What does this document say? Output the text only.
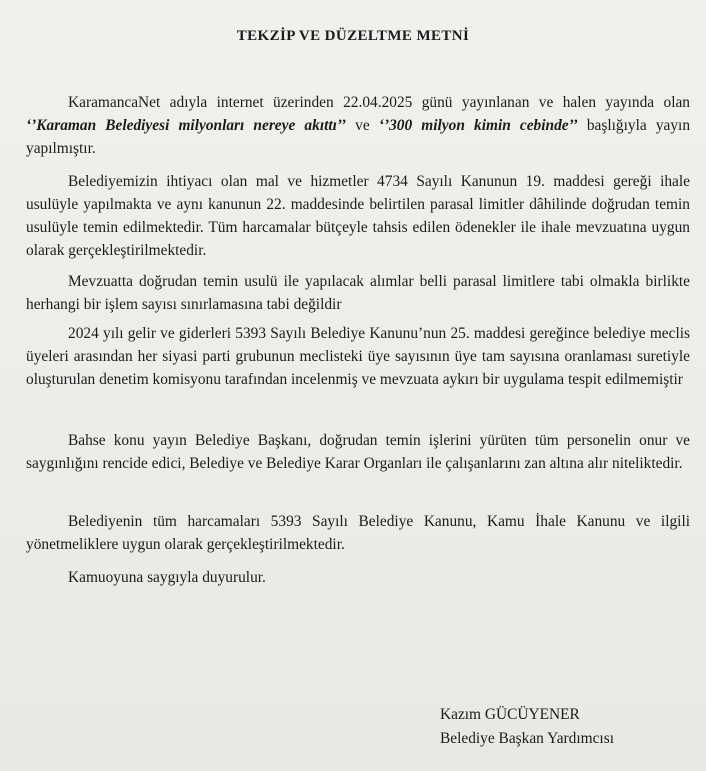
TEKZİP VE DÜZELTME METNİ

KaramancaNet adıyla internet üzerinden 22.04.2025 günü yayınlanan ve halen yayında olan ‘’Karaman Belediyesi milyonları nereye akıttı’’ ve ‘’300 milyon kimin cebinde’’ başlığıyla yayın yapılmıştır.

Belediyemizin ihtiyacı olan mal ve hizmetler 4734 Sayılı Kanunun 19. maddesi gereği ihale usulüyle yapılmakta ve aynı kanunun 22. maddesinde belirtilen parasal limitler dâhilinde doğrudan temin usulüyle temin edilmektedir. Tüm harcamalar bütçeyle tahsis edilen ödenekler ile ihale mevzuatına uygun olarak gerçekleştirilmektedir.

Mevzuatta doğrudan temin usulü ile yapılacak alımlar belli parasal limitlere tabi olmakla birlikte herhangi bir işlem sayısı sınırlamasına tabi değildir

2024 yılı gelir ve giderleri 5393 Sayılı Belediye Kanunu’nun 25. maddesi gereğince belediye meclis üyeleri arasından her siyasi parti grubunun meclisteki üye sayısının üye tam sayısına oranlaması suretiyle oluşturulan denetim komisyonu tarafından incelenmiş ve mevzuata aykırı bir uygulama tespit edilmemiştir

Bahse konu yayın Belediye Başkanı, doğrudan temin işlerini yürüten tüm personelin onur ve saygınlığını rencide edici, Belediye ve Belediye Karar Organları ile çalışanlarını zan altına alır niteliktedir.

Belediyenin tüm harcamaları 5393 Sayılı Belediye Kanunu, Kamu İhale Kanunu ve ilgili yönetmeliklere uygun olarak gerçekleştirilmektedir.

Kamuoyuna saygıyla duyurulur.

Kazım GÜCÜYENER
Belediye Başkan Yardımcısı
